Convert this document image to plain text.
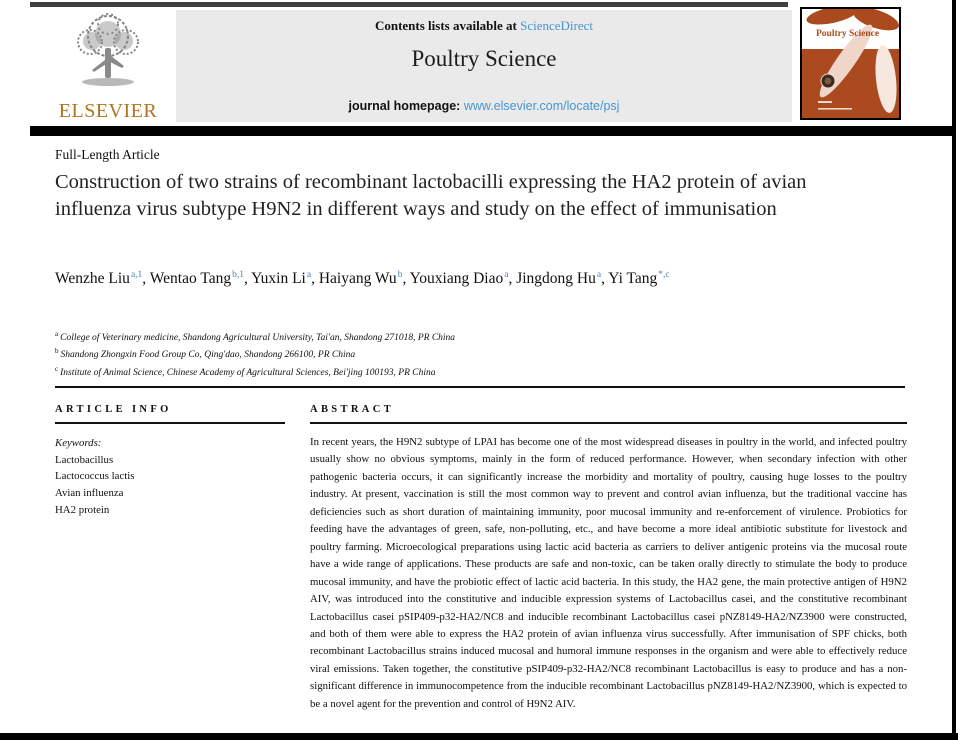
ELSEVIER
Contents lists available at ScienceDirect
Poultry Science
journal homepage: www.elsevier.com/locate/psj
Poultry Science
Full-Length Article
Construction of two strains of recombinant lactobacilli expressing the HA2 protein of avian influenza virus subtype H9N2 in different ways and study on the effect of immunisation
Wenzhe Liu$^{a,1}$, Wentao Tang$^{b,1}$, Yuxin Li$^a$, Haiyang Wu$^b$, Youxiang Diao$^a$, Jingdong Hu$^a$, Yi Tang$^{*,c}$
$^a$ College of Veterinary medicine, Shandong Agricultural University, Tai'an, Shandong 271018, PR China
$^b$ Shandong Zhongxin Food Group Co, Qing'dao, Shandong 266100, PR China
$^c$ Institute of Animal Science, Chinese Academy of Agricultural Sciences, Bei'jing 100193, PR China
ARTICLE INFO
Keywords:
Lactobacillus
Lactococcus lactis
Avian influenza
HA2 protein
ABSTRACT
In recent years, the H9N2 subtype of LPAI has become one of the most widespread diseases in poultry in the world, and infected poultry usually show no obvious symptoms, mainly in the form of reduced performance. However, when secondary infection with other pathogenic bacteria occurs, it can significantly increase the morbidity and mortality of poultry, causing huge losses to the poultry industry. At present, vaccination is still the most common way to prevent and control avian influenza, but the traditional vaccine has deficiencies such as short duration of maintaining immunity, poor mucosal immunity and re-enforcement of virulence. Probiotics for feeding have the advantages of green, safe, non-polluting, etc., and have become a more ideal antibiotic substitute for livestock and poultry farming. Microecological preparations using lactic acid bacteria as carriers to deliver antigenic proteins via the mucosal route have a wide range of applications. These products are safe and non-toxic, can be taken orally directly to stimulate the body to produce mucosal immunity, and have the probiotic effect of lactic acid bacteria. In this study, the HA2 gene, the main protective antigen of H9N2 AIV, was introduced into the constitutive and inducible expression systems of Lactobacillus casei, and the constitutive recombinant Lactobacillus casei pSIP409-p32-HA2/NC8 and inducible recombinant Lactobacillus casei pNZ8149-HA2/NZ3900 were constructed, and both of them were able to express the HA2 protein of avian influenza virus successfully. After immunisation of SPF chicks, both recombinant Lactobacillus strains induced mucosal and humoral immune responses in the organism and were able to effectively reduce viral emissions. Taken together, the constitutive pSIP409-p32-HA2/NC8 recombinant Lactobacillus is easy to produce and has a non-significant difference in immunocompetence from the inducible recombinant Lactobacillus pNZ8149-HA2/NZ3900, which is expected to be a novel agent for the prevention and control of H9N2 AIV.
